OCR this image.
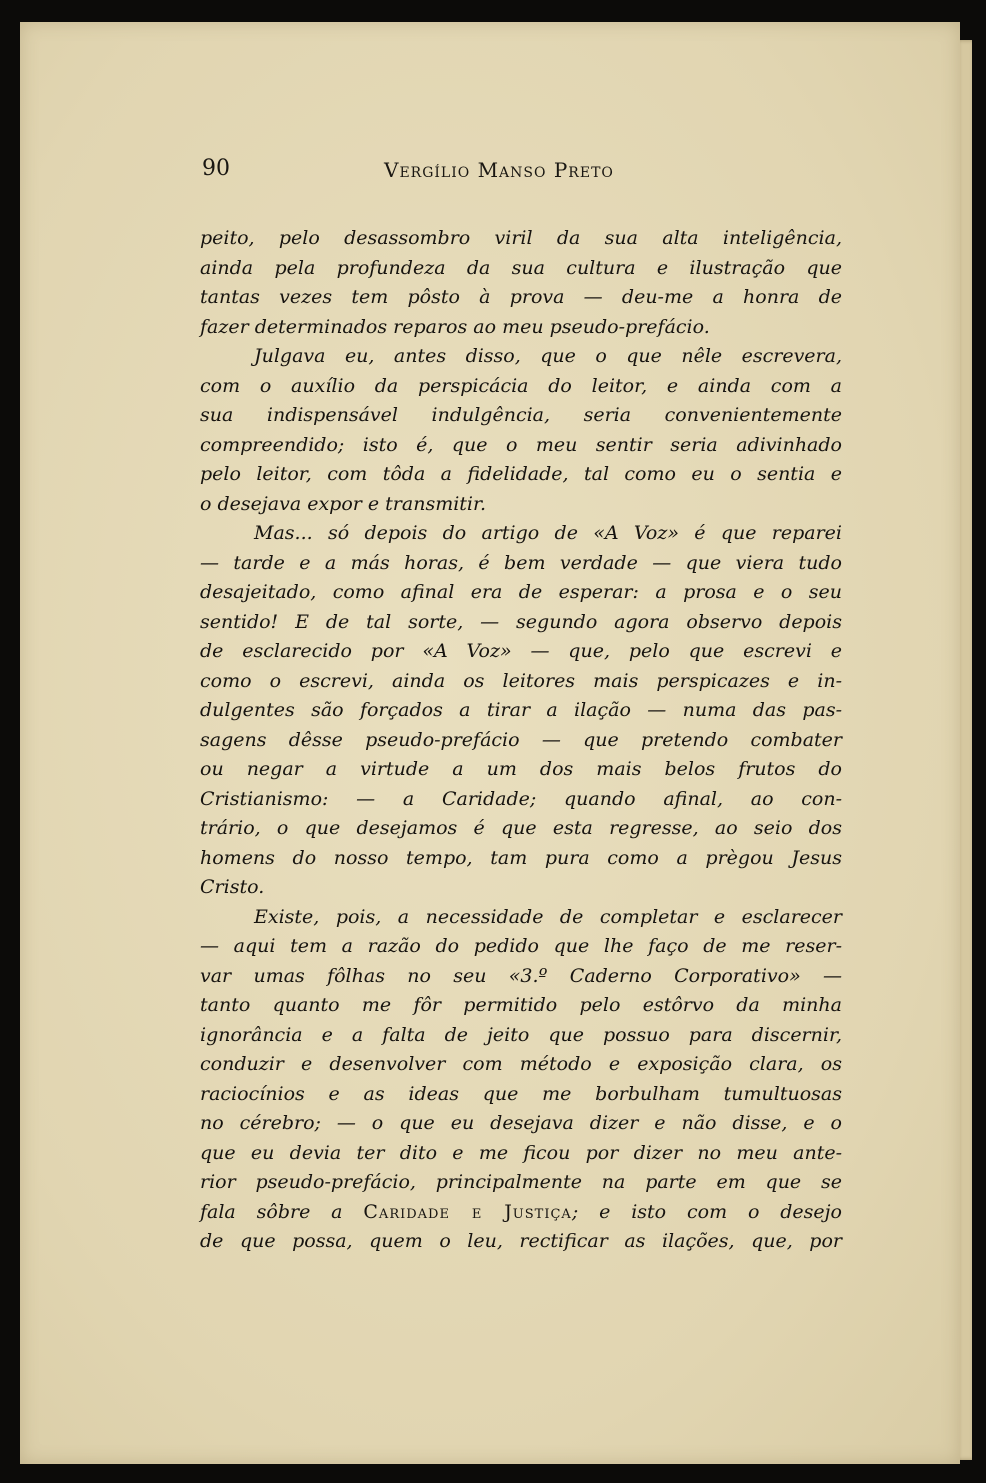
90	Vergílio Manso Preto
peito, pelo desassombro viril da sua alta inteligência,
ainda pela profundeza da sua cultura e ilustração que
tantas vezes tem pôsto à prova — deu-me a honra de
fazer determinados reparos ao meu pseudo-prefácio.
Julgava eu, antes disso, que o que nêle escrevera,
com o auxílio da perspicácia do leitor, e ainda com a
sua indispensável indulgência, seria convenientemente
compreendido; isto é, que o meu sentir seria adivinhado
pelo leitor, com tôda a fidelidade, tal como eu o sentia e
o desejava expor e transmitir.
Mas... só depois do artigo de «A Voz» é que reparei
— tarde e a más horas, é bem verdade — que viera tudo
desajeitado, como afinal era de esperar: a prosa e o seu
sentido! E de tal sorte, — segundo agora observo depois
de esclarecido por «A Voz» — que, pelo que escrevi e
como o escrevi, ainda os leitores mais perspicazes e in-
dulgentes são forçados a tirar a ilação — numa das pas-
sagens dêsse pseudo-prefácio — que pretendo combater
ou negar a virtude a um dos mais belos frutos do
Cristianismo: — a Caridade; quando afinal, ao con-
trário, o que desejamos é que esta regresse, ao seio dos
homens do nosso tempo, tam pura como a prègou Jesus
Cristo.
Existe, pois, a necessidade de completar e esclarecer
— aqui tem a razão do pedido que lhe faço de me reser-
var umas fôlhas no seu «3.º Caderno Corporativo» —
tanto quanto me fôr permitido pelo estôrvo da minha
ignorância e a falta de jeito que possuo para discernir,
conduzir e desenvolver com método e exposição clara, os
raciocínios e as ideas que me borbulham tumultuosas
no cérebro; — o que eu desejava dizer e não disse, e o
que eu devia ter dito e me ficou por dizer no meu ante-
rior pseudo-prefácio, principalmente na parte em que se
fala sôbre a Caridade e Justiça; e isto com o desejo
de que possa, quem o leu, rectificar as ilações, que, por
